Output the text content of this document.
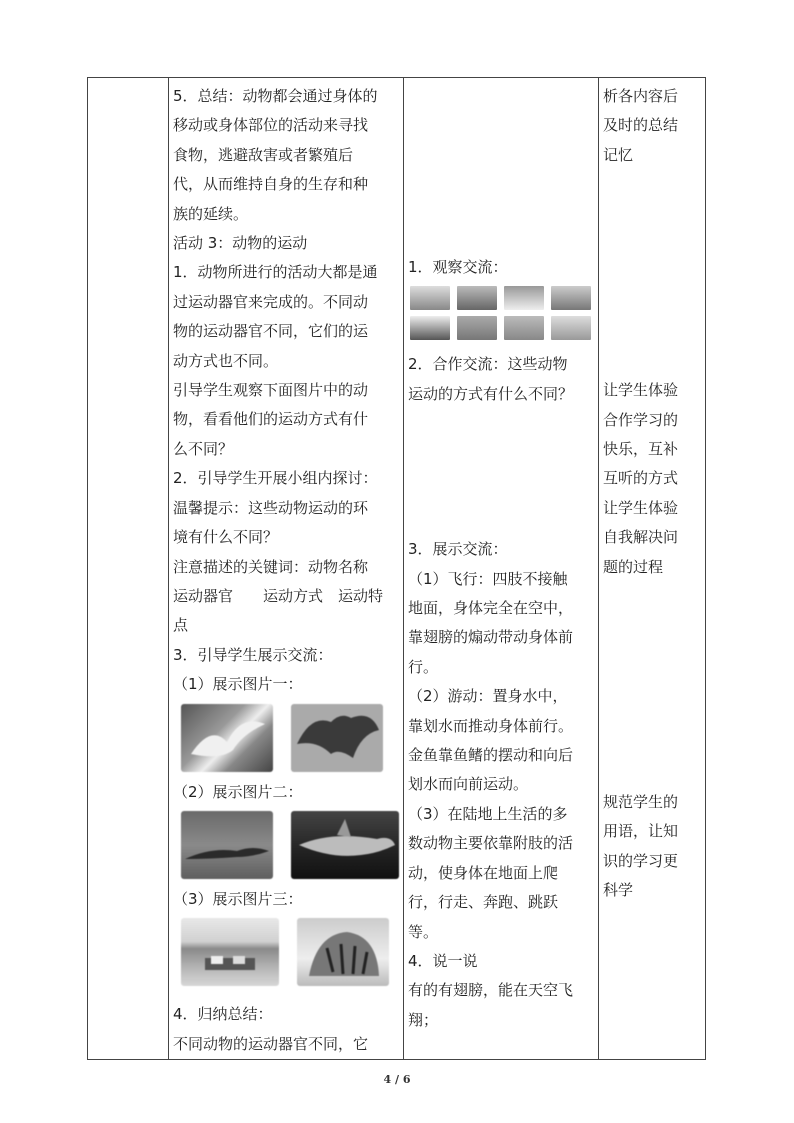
5．总结：动物都会通过身体的
移动或身体部位的活动来寻找
食物，逃避敌害或者繁殖后
代，从而维持自身的生存和种
族的延续。
活动 3：动物的运动
1．动物所进行的活动大都是通
过运动器官来完成的。不同动
物的运动器官不同，它们的运
动方式也不同。
引导学生观察下面图片中的动
物，看看他们的运动方式有什
么不同？
2．引导学生开展小组内探讨：
温馨提示：这些动物运动的环
境有什么不同？
注意描述的关键词：动物名称
运动器官　　运动方式　运动特
点
3．引导学生展示交流：
（1）展示图片一：
（2）展示图片二：
（3）展示图片三：
4．归纳总结：
不同动物的运动器官不同，它
1．观察交流：
2．合作交流：这些动物
运动的方式有什么不同？
3．展示交流：
（1）飞行：四肢不接触
地面，身体完全在空中，
靠翅膀的煽动带动身体前
行。
（2）游动：置身水中，
靠划水而推动身体前行。
金鱼靠鱼鳍的摆动和向后
划水而向前运动。
（3）在陆地上生活的多
数动物主要依靠附肢的活
动，使身体在地面上爬
行，行走、奔跑、跳跃
等。
4．说一说
有的有翅膀，能在天空飞
翔；
析各内容后
及时的总结
记忆
让学生体验
合作学习的
快乐，互补
互听的方式
让学生体验
自我解决问
题的过程
规范学生的
用语，让知
识的学习更
科学
4 / 6
